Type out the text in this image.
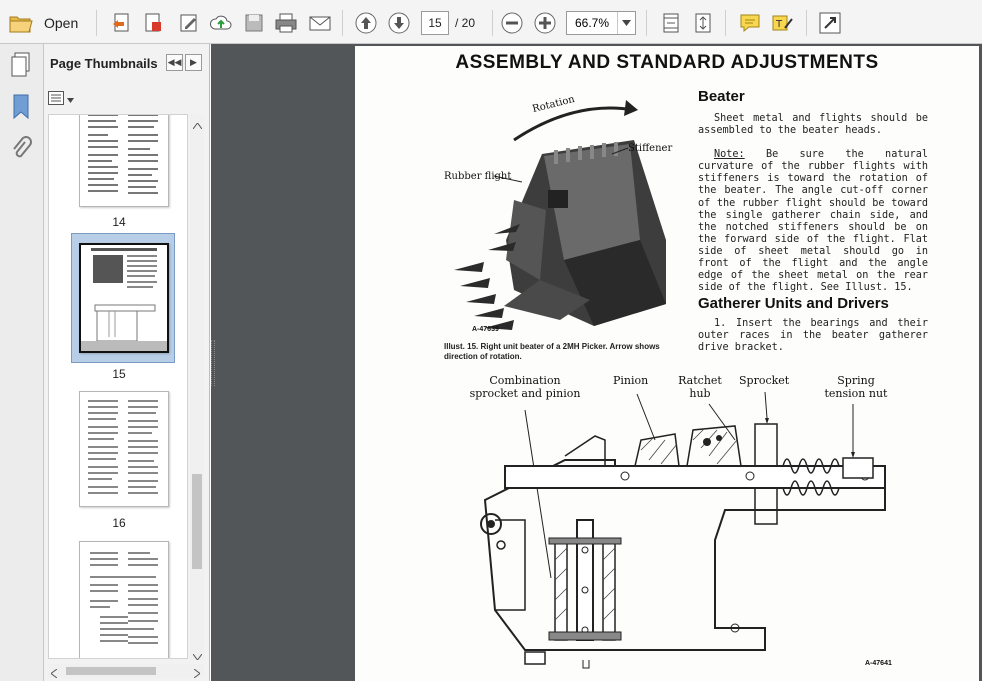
Open	15	/ 20
66.7%	T
Page Thumbnails ◀◀ ▶
14
15
16
ASSEMBLY AND STANDARD ADJUSTMENTS
Rotation
Stiffener
Rubber flight
A-47639
Illust. 15. Right unit beater of a 2MH Picker. Arrow shows direction of rotation.
Beater

Sheet metal and flights should be assembled to the beater heads.

Note: Be sure the natural curvature of the rubber flights with stiffeners is toward the rotation of the beater. The angle cut-off corner of the rubber flight should be toward the single gatherer chain side, and the notched stiffeners should be on the forward side of the flight. Flat side of sheet metal should go in front of the flight and the angle edge of the sheet metal on the rear side of the flight. See Illust. 15.

Gatherer Units and Drivers

1. Insert the bearings and their outer races in the beater gatherer drive bracket.

Combination
sprocket and pinion
Pinion	Ratchet
hub
Sprocket	Spring
tension nut
A-47641
